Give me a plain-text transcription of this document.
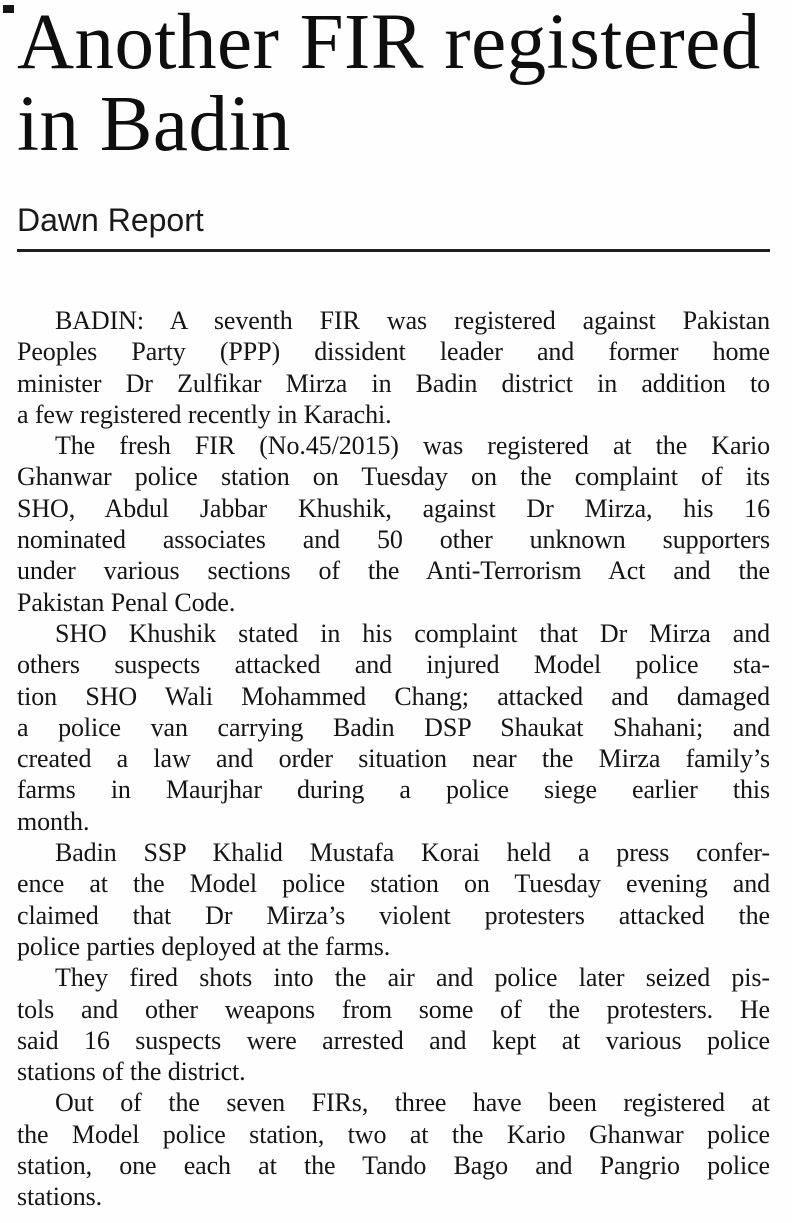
Another FIR registered
in Badin
Dawn Report

BADIN: A seventh FIR was registered against Pakistan
Peoples Party (PPP) dissident leader and former home
minister Dr Zulfikar Mirza in Badin district in addition to
a few registered recently in Karachi.

The fresh FIR (No.45/2015) was registered at the Kario
Ghanwar police station on Tuesday on the complaint of its
SHO, Abdul Jabbar Khushik, against Dr Mirza, his 16
nominated associates and 50 other unknown supporters
under various sections of the Anti-Terrorism Act and the
Pakistan Penal Code.

SHO Khushik stated in his complaint that Dr Mirza and
others suspects attacked and injured Model police sta-
tion SHO Wali Mohammed Chang; attacked and damaged
a police van carrying Badin DSP Shaukat Shahani; and
created a law and order situation near the Mirza family’s
farms in Maurjhar during a police siege earlier this
month.

Badin SSP Khalid Mustafa Korai held a press confer-
ence at the Model police station on Tuesday evening and
claimed that Dr Mirza’s violent protesters attacked the
police parties deployed at the farms.

They fired shots into the air and police later seized pis-
tols and other weapons from some of the protesters. He
said 16 suspects were arrested and kept at various police
stations of the district.

Out of the seven FIRs, three have been registered at
the Model police station, two at the Kario Ghanwar police
station, one each at the Tando Bago and Pangrio police
stations.
